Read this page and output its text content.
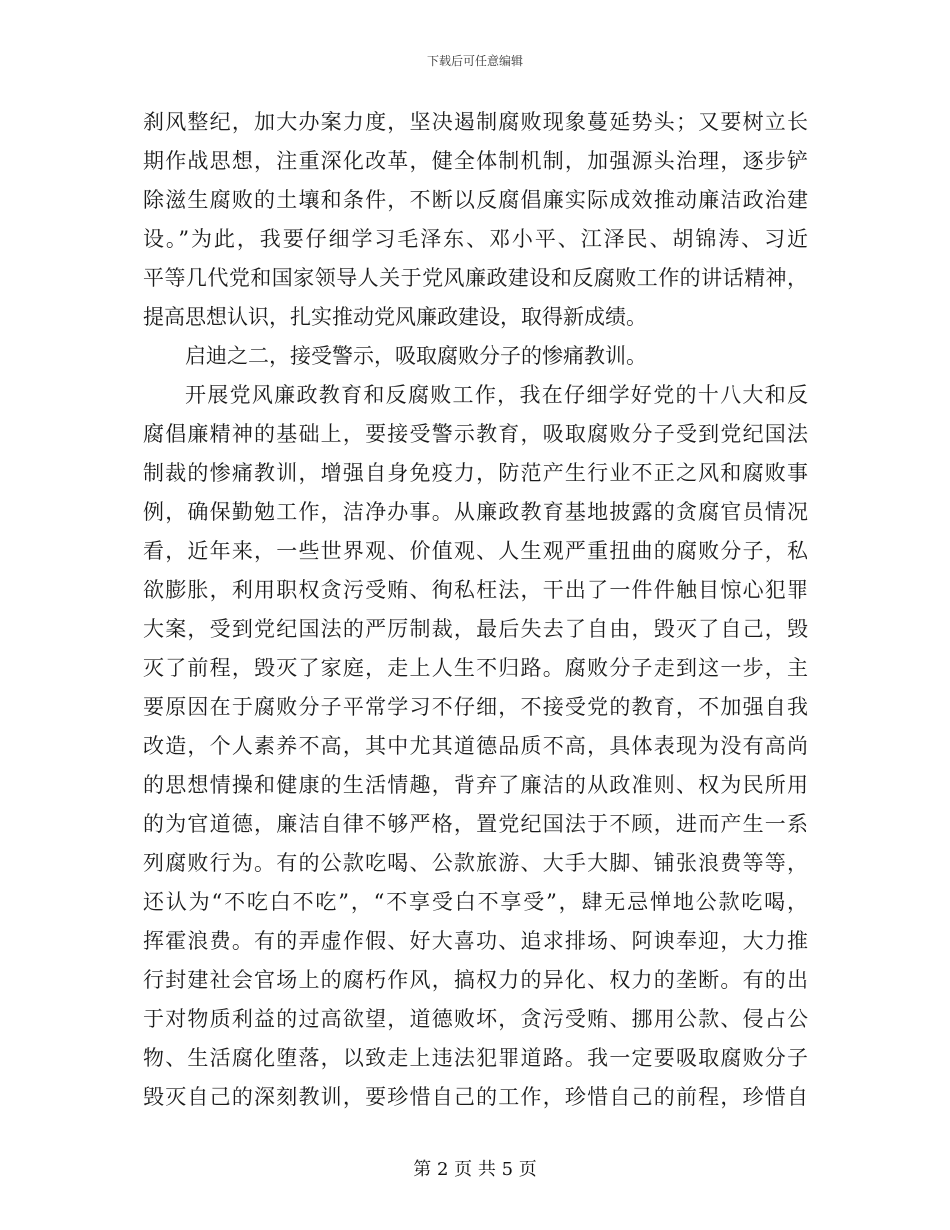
下载后可任意编辑
刹风整纪，加大办案力度，坚决遏制腐败现象蔓延势头；又要树立长
期作战思想，注重深化改革，健全体制机制，加强源头治理，逐步铲
除滋生腐败的土壤和条件，不断以反腐倡廉实际成效推动廉洁政治建
设。”为此，我要仔细学习毛泽东、邓小平、江泽民、胡锦涛、习近
平等几代党和国家领导人关于党风廉政建设和反腐败工作的讲话精神，
提高思想认识，扎实推动党风廉政建设，取得新成绩。
启迪之二，接受警示，吸取腐败分子的惨痛教训。
开展党风廉政教育和反腐败工作，我在仔细学好党的十八大和反
腐倡廉精神的基础上，要接受警示教育，吸取腐败分子受到党纪国法
制裁的惨痛教训，增强自身免疫力，防范产生行业不正之风和腐败事
例，确保勤勉工作，洁净办事。从廉政教育基地披露的贪腐官员情况
看，近年来，一些世界观、价值观、人生观严重扭曲的腐败分子，私
欲膨胀，利用职权贪污受贿、徇私枉法，干出了一件件触目惊心犯罪
大案，受到党纪国法的严厉制裁，最后失去了自由，毁灭了自己，毁
灭了前程，毁灭了家庭，走上人生不归路。腐败分子走到这一步，主
要原因在于腐败分子平常学习不仔细，不接受党的教育，不加强自我
改造，个人素养不高，其中尤其道德品质不高，具体表现为没有高尚
的思想情操和健康的生活情趣，背弃了廉洁的从政准则、权为民所用
的为官道德，廉洁自律不够严格，置党纪国法于不顾，进而产生一系
列腐败行为。有的公款吃喝、公款旅游、大手大脚、铺张浪费等等，
还认为“不吃白不吃”，“不享受白不享受”，肆无忌惮地公款吃喝，
挥霍浪费。有的弄虚作假、好大喜功、追求排场、阿谀奉迎，大力推
行封建社会官场上的腐朽作风，搞权力的异化、权力的垄断。有的出
于对物质利益的过高欲望，道德败坏，贪污受贿、挪用公款、侵占公
物、生活腐化堕落，以致走上违法犯罪道路。我一定要吸取腐败分子
毁灭自己的深刻教训，要珍惜自己的工作，珍惜自己的前程，珍惜自
第 2 页 共 5 页
